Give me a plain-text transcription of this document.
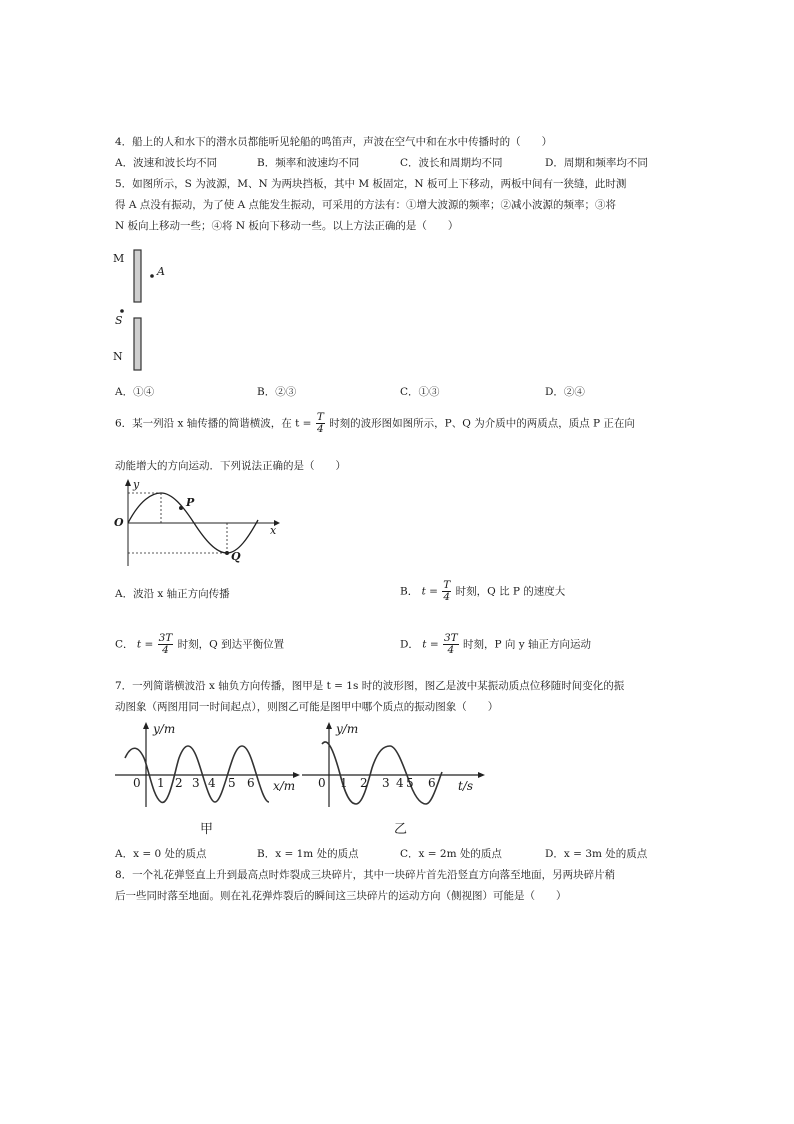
4．船上的人和水下的潜水员都能听见轮船的鸣笛声，声波在空气中和在水中传播时的（　　）
A．波速和波长均不同	B．频率和波速均不同	C．波长和周期均不同	D．周期和频率均不同
5．如图所示，S 为波源，M、N 为两块挡板，其中 M 板固定，N 板可上下移动，两板中间有一狭缝，此时测
得 A 点没有振动，为了使 A 点能发生振动，可采用的方法有：①增大波源的频率；②减小波源的频率；③将
N 板向上移动一些；④将 N 板向下移动一些。以上方法正确的是（　　）
M
A
S
N
A．①④	B．②③	C．①③	D．②④
6．某一列沿 x 轴传播的简谐横波，在 $t = \frac{T}{4}$ 时刻的波形图如图所示，P、Q 为介质中的两质点，质点 P 正在向
动能增大的方向运动．下列说法正确的是（　　）
y
x
O
P
Q
A．波沿 x 轴正方向传播	B． $t = \frac{T}{4}$ 时刻，Q 比 P 的速度大
C． $t = \frac{3T}{4}$ 时刻，Q 到达平衡位置	D． $t = \frac{3T}{4}$ 时刻，P 向 y 轴正方向运动
7．一列简谐横波沿 x 轴负方向传播，图甲是 t = 1s 时的波形图，图乙是波中某振动质点位移随时间变化的振
动图象（两图用同一时间起点），则图乙可能是图甲中哪个质点的振动图象（　　）
y/m
x/m
0 1 2 3 4 5 6
甲
y/m
t/s
0 1 2 3 4 5 6
乙
A．x = 0 处的质点	B．x = 1m 处的质点	C．x = 2m 处的质点	D．x = 3m 处的质点
8．一个礼花弹竖直上升到最高点时炸裂成三块碎片，其中一块碎片首先沿竖直方向落至地面，另两块碎片稍
后一些同时落至地面。则在礼花弹炸裂后的瞬间这三块碎片的运动方向（侧视图）可能是（　　）
